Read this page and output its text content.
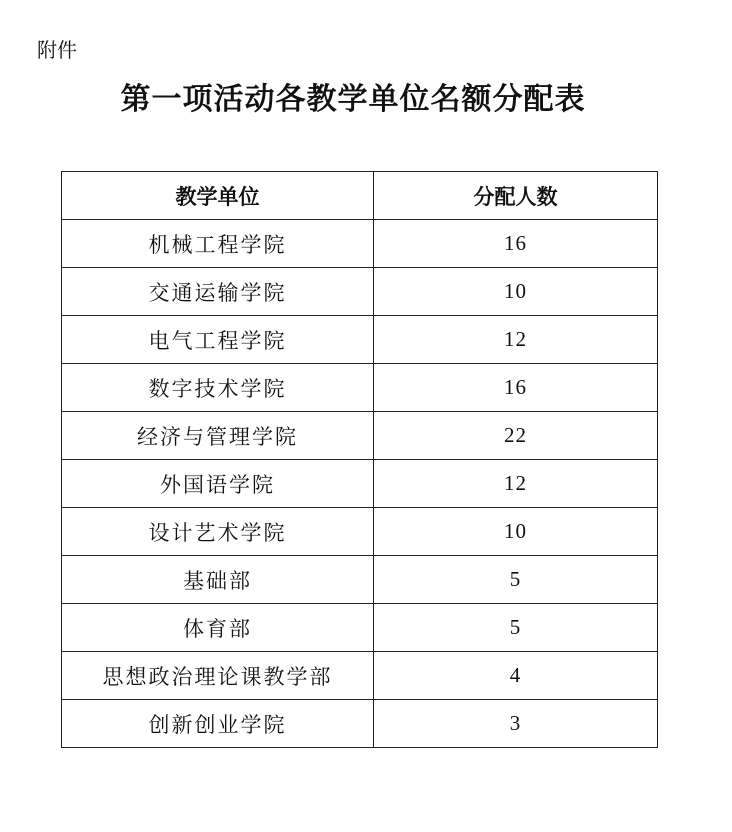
附件
第一项活动各教学单位名额分配表
教学单位	分配人数
机械工程学院	16
交通运输学院	10
电气工程学院	12
数字技术学院	16
经济与管理学院	22
外国语学院	12
设计艺术学院	10
基础部	5
体育部	5
思想政治理论课教学部	4
创新创业学院	3
